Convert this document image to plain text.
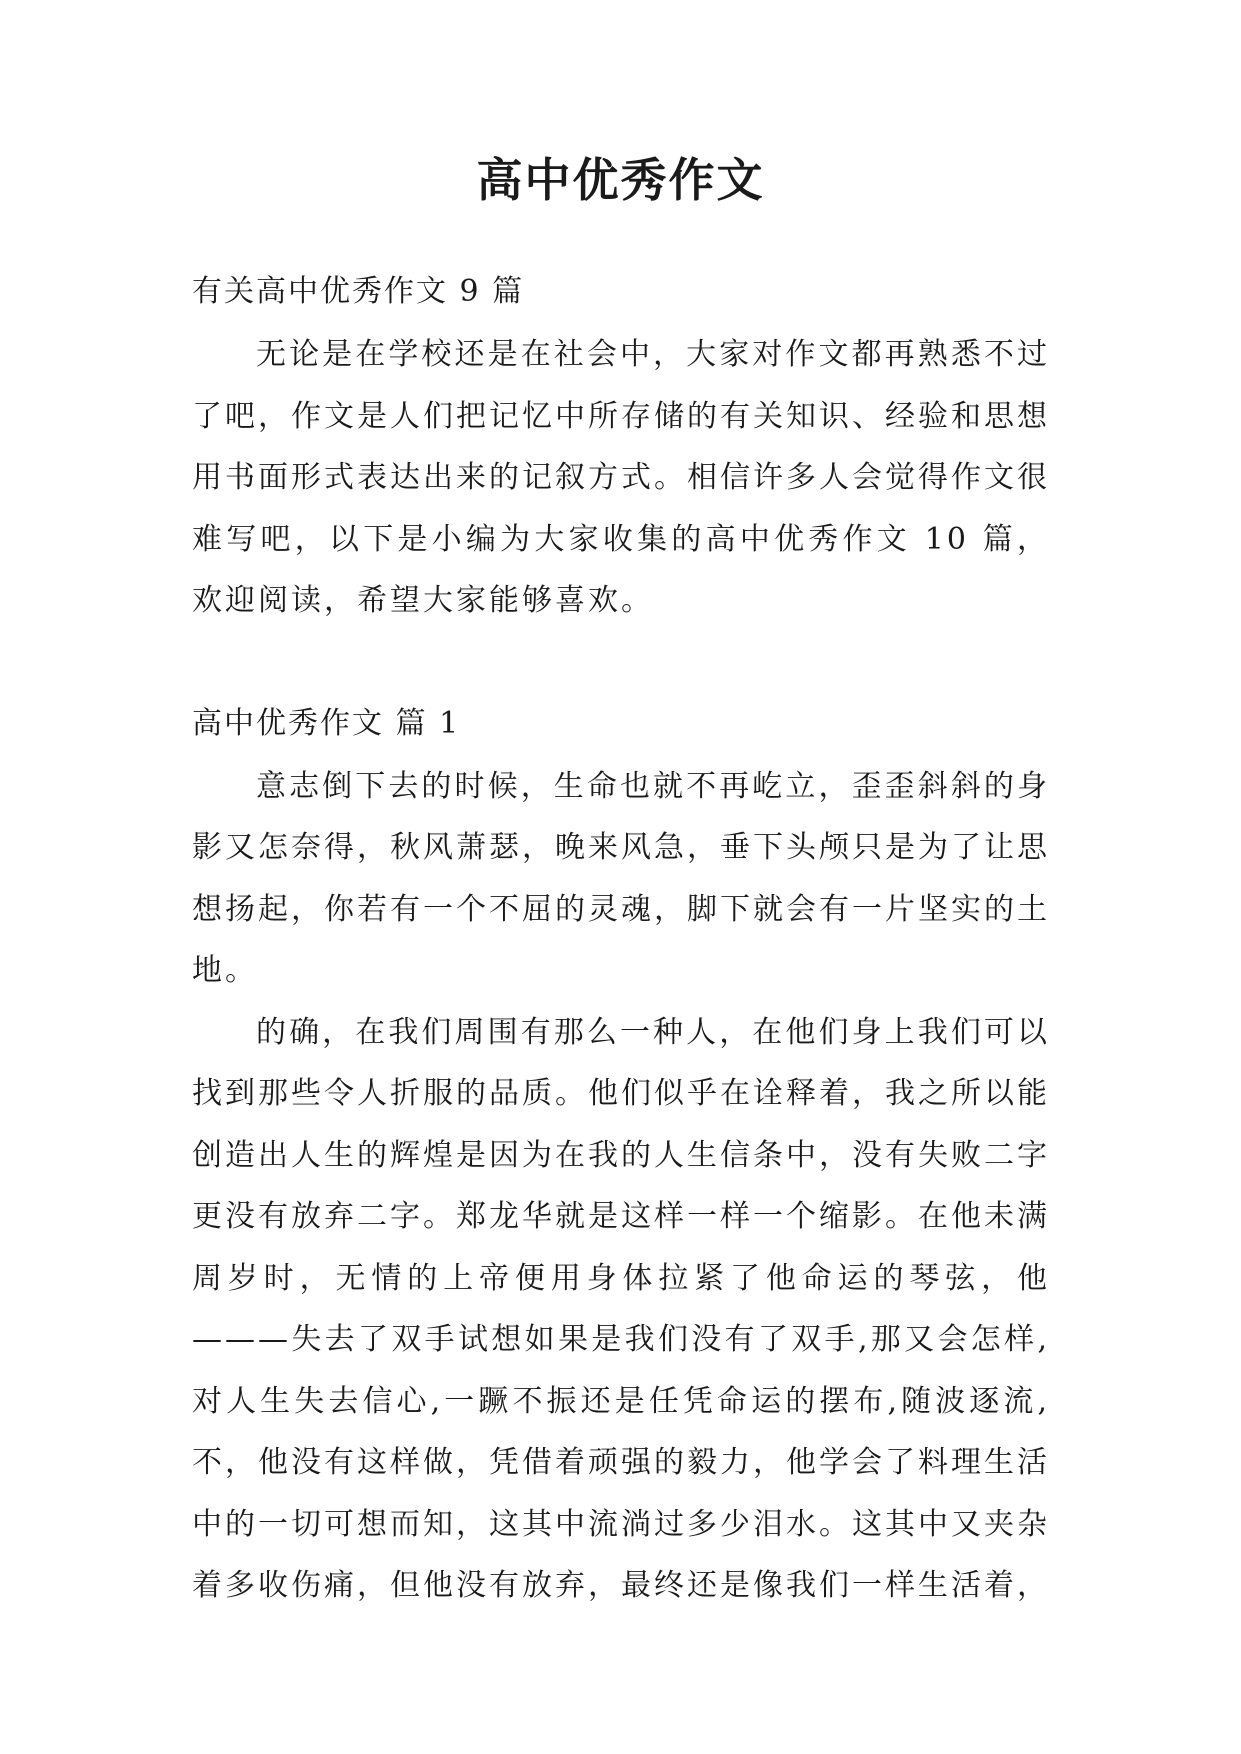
高中优秀作文

有关高中优秀作文 9 篇

无论是在学校还是在社会中，大家对作文都再熟悉不过了吧，作文是人们把记忆中所存储的有关知识、经验和思想用书面形式表达出来的记叙方式。相信许多人会觉得作文很难写吧，以下是小编为大家收集的高中优秀作文 10 篇，欢迎阅读，希望大家能够喜欢。

高中优秀作文 篇 1

意志倒下去的时候，生命也就不再屹立，歪歪斜斜的身影又怎奈得，秋风萧瑟，晚来风急，垂下头颅只是为了让思想扬起，你若有一个不屈的灵魂，脚下就会有一片坚实的土地。

的确，在我们周围有那么一种人，在他们身上我们可以找到那些令人折服的品质。他们似乎在诠释着，我之所以能创造出人生的辉煌是因为在我的人生信条中，没有失败二字更没有放弃二字。郑龙华就是这样一样一个缩影。在他未满周岁时，无情的上帝便用身体拉紧了他命运的琴弦，他———失去了双手试想如果是我们没有了双手,那又会怎样,对人生失去信心,一蹶不振还是任凭命运的摆布,随波逐流,不，他没有这样做，凭借着顽强的毅力，他学会了料理生活中的一切可想而知，这其中流淌过多少泪水。这其中又夹杂着多收伤痛，但他没有放弃，最终还是像我们一样生活着，
